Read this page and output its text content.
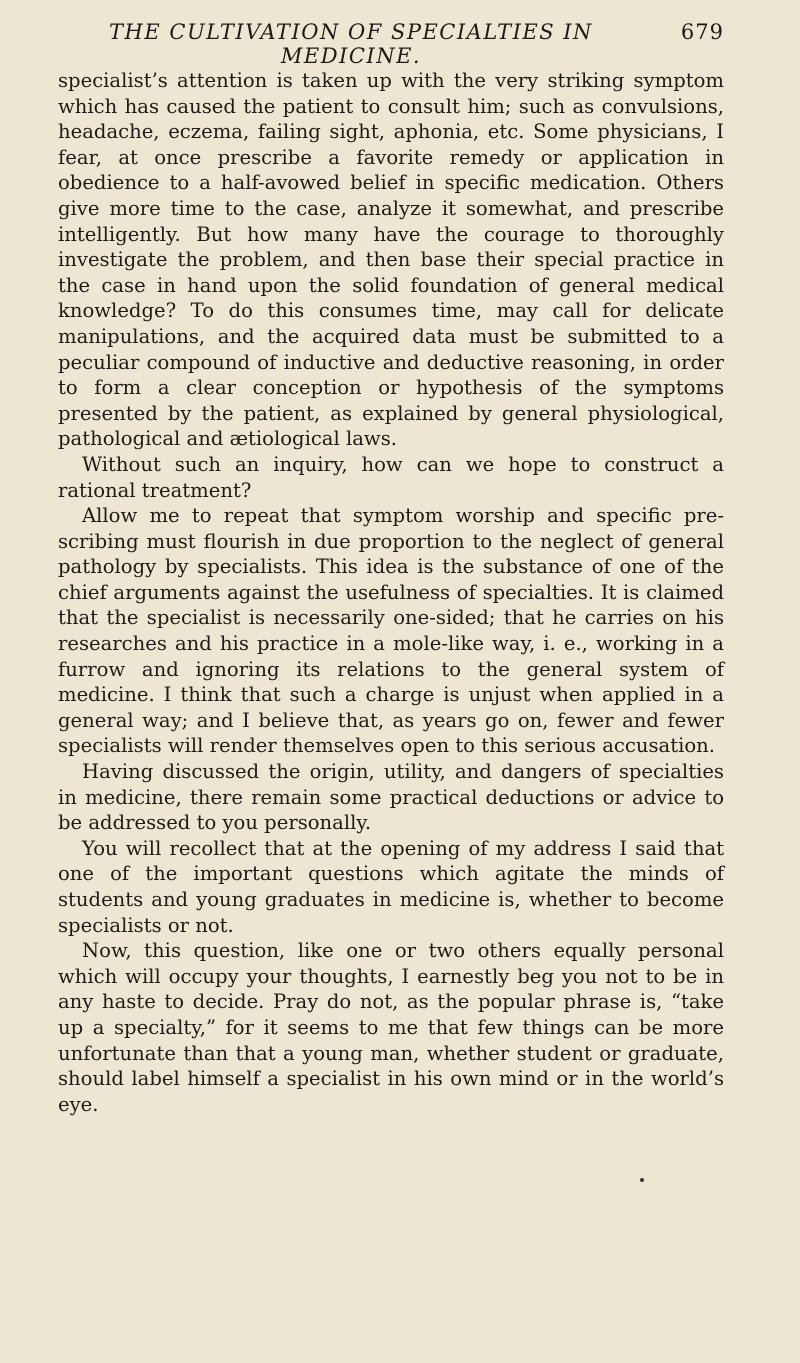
THE CULTIVATION OF SPECIALTIES IN MEDICINE.
679

specialist’s attention is taken up with the very striking symptom which has caused the patient to consult him; such as convulsions, headache, eczema, failing sight, aphonia, etc. Some physicians, I fear, at once prescribe a favorite remedy or application in obedience to a half-avowed belief in specific medication. Others give more time to the case, analyze it somewhat, and prescribe intelligently. But how many have the courage to thoroughly investigate the problem, and then base their special practice in the case in hand upon the solid foundation of general medical knowledge? To do this consumes time, may call for delicate manipulations, and the acquired data must be submitted to a peculiar compound of inductive and deductive reasoning, in order to form a clear conception or hypothesis of the symptoms presented by the patient, as explained by general physiological, pathological and ætiological laws.

Without such an inquiry, how can we hope to construct a rational treatment?

Allow me to repeat that symptom worship and specific prescribing must flourish in due proportion to the neglect of general pathology by specialists. This idea is the substance of one of the chief arguments against the usefulness of specialties. It is claimed that the specialist is necessarily one-sided; that he carries on his researches and his practice in a mole-like way, i. e., working in a furrow and ignoring its relations to the general system of medicine. I think that such a charge is unjust when applied in a general way; and I believe that, as years go on, fewer and fewer specialists will render themselves open to this serious accusation.

Having discussed the origin, utility, and dangers of specialties in medicine, there remain some practical deductions or advice to be addressed to you personally.

You will recollect that at the opening of my address I said that one of the important questions which agitate the minds of students and young graduates in medicine is, whether to become specialists or not.

Now, this question, like one or two others equally personal which will occupy your thoughts, I earnestly beg you not to be in any haste to decide. Pray do not, as the popular phrase is, “take up a specialty,” for it seems to me that few things can be more unfortunate than that a young man, whether student or graduate, should label himself a specialist in his own mind or in the world’s eye.
